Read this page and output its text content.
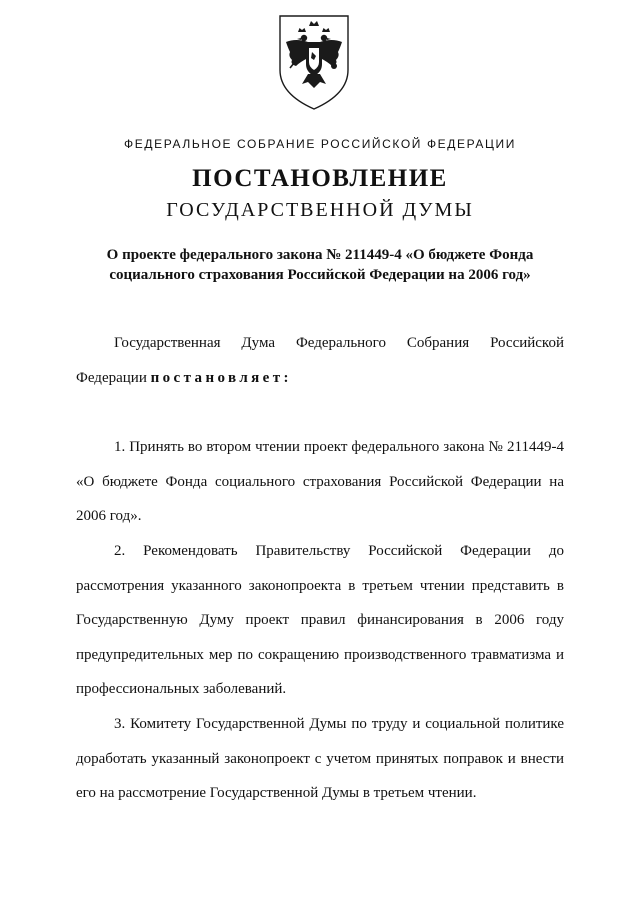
ФЕДЕРАЛЬНОЕ СОБРАНИЕ РОССИЙСКОЙ ФЕДЕРАЦИИ
ПОСТАНОВЛЕНИЕ
ГОСУДАРСТВЕННОЙ ДУМЫ
О проекте федерального закона № 211449-4 «О бюджете Фонда
социального страхования Российской Федерации на 2006 год»

Государственная Дума Федерального Собрания Российской Федерации постановляет:

1. Принять во втором чтении проект федерального закона № 211449-4 «О бюджете Фонда социального страхования Российской Федерации на 2006 год».

2. Рекомендовать Правительству Российской Федерации до рассмотрения указанного законопроекта в третьем чтении представить в Государственную Думу проект правил финансирования в 2006 году предупредительных мер по сокращению производственного травматизма и профессиональных заболеваний.

3. Комитету Государственной Думы по труду и социальной политике доработать указанный законопроект с учетом принятых поправок и внести его на рассмотрение Государственной Думы в третьем чтении.
